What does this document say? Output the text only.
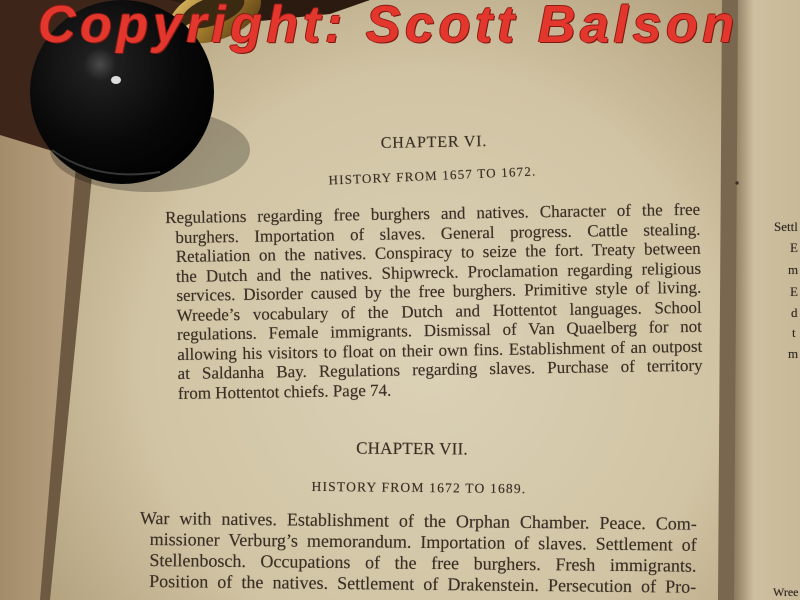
Copyright: Scott Balson
CHAPTER VI.
HISTORY FROM 1657 TO 1672.
Regulations regarding free burghers and natives. Character of the free
burghers. Importation of slaves. General progress. Cattle stealing.
Retaliation on the natives. Conspiracy to seize the fort. Treaty between
the Dutch and the natives. Shipwreck. Proclamation regarding religious
services. Disorder caused by the free burghers. Primitive style of living.
Wreede’s vocabulary of the Dutch and Hottentot languages. School
regulations. Female immigrants. Dismissal of Van Quaelberg for not
allowing his visitors to float on their own fins. Establishment of an outpost
at Saldanha Bay. Regulations regarding slaves. Purchase of territory
from Hottentot chiefs. Page 74.
CHAPTER VII.
HISTORY FROM 1672 TO 1689.
War with natives. Establishment of the Orphan Chamber. Peace. Com-
missioner Verburg’s memorandum. Importation of slaves. Settlement of
Stellenbosch. Occupations of the free burghers. Fresh immigrants.
Position of the natives. Settlement of Drakenstein. Persecution of Pro-
Settl
E
m
E
d
t
m
Wree
